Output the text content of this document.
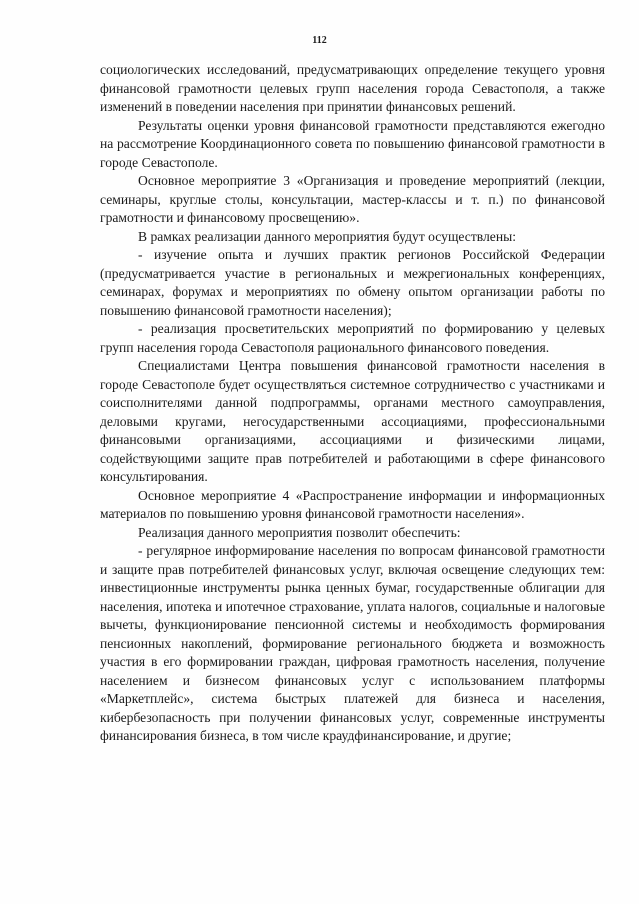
112

социологических исследований, предусматривающих определение текущего уровня финансовой грамотности целевых групп населения города Севастополя, а также изменений в поведении населения при принятии финансовых решений.

Результаты оценки уровня финансовой грамотности представляются ежегодно на рассмотрение Координационного совета по повышению финансовой грамотности в городе Севастополе.

Основное мероприятие 3 «Организация и проведение мероприятий (лекции, семинары, круглые столы, консультации, мастер-классы и т. п.) по финансовой грамотности и финансовому просвещению».

В рамках реализации данного мероприятия будут осуществлены:

- изучение опыта и лучших практик регионов Российской Федерации (предусматривается участие в региональных и межрегиональных конференциях, семинарах, форумах и мероприятиях по обмену опытом организации работы по повышению финансовой грамотности населения);

- реализация просветительских мероприятий по формированию у целевых групп населения города Севастополя рационального финансового поведения.

Специалистами Центра повышения финансовой грамотности населения в городе Севастополе будет осуществляться системное сотрудничество с участниками и соисполнителями данной подпрограммы, органами местного самоуправления, деловыми кругами, негосударственными ассоциациями, профессиональными финансовыми организациями, ассоциациями и физическими лицами, содействующими защите прав потребителей и работающими в сфере финансового консультирования.

Основное мероприятие 4 «Распространение информации и информационных материалов по повышению уровня финансовой грамотности населения».

Реализация данного мероприятия позволит обеспечить:

- регулярное информирование населения по вопросам финансовой грамотности и защите прав потребителей финансовых услуг, включая освещение следующих тем: инвестиционные инструменты рынка ценных бумаг, государственные облигации для населения, ипотека и ипотечное страхование, уплата налогов, социальные и налоговые вычеты, функционирование пенсионной системы и необходимость формирования пенсионных накоплений, формирование регионального бюджета и возможность участия в его формировании граждан, цифровая грамотность населения, получение населением и бизнесом финансовых услуг с использованием платформы «Маркетплейс», система быстрых платежей для бизнеса и населения, кибербезопасность при получении финансовых услуг, современные инструменты финансирования бизнеса, в том числе краудфинансирование, и другие;
